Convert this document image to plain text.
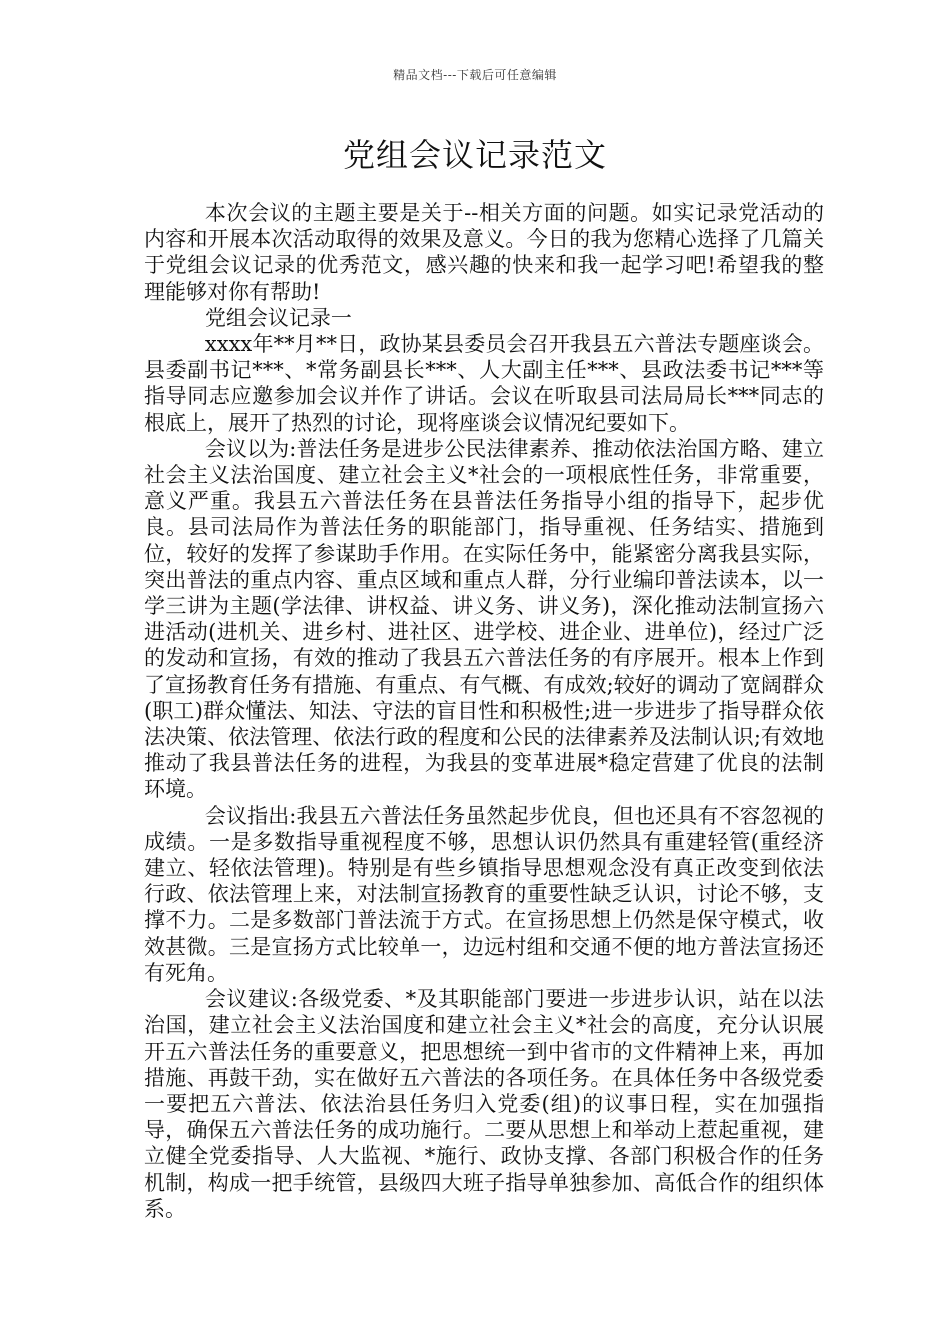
精品文档---下载后可任意编辑
党组会议记录范文

本次会议的主题主要是关于--相关方面的问题。如实记录党活动的内容和开展本次活动取得的效果及意义。今日的我为您精心选择了几篇关于党组会议记录的优秀范文，感兴趣的快来和我一起学习吧!希望我的整理能够对你有帮助!

党组会议记录一

xxxx年**月**日，政协某县委员会召开我县五六普法专题座谈会。县委副书记***、*常务副县长***、人大副主任***、县政法委书记***等指导同志应邀参加会议并作了讲话。会议在听取县司法局局长***同志的根底上，展开了热烈的讨论，现将座谈会议情况纪要如下。

会议以为:普法任务是进步公民法律素养、推动依法治国方略、建立社会主义法治国度、建立社会主义*社会的一项根底性任务，非常重要，意义严重。我县五六普法任务在县普法任务指导小组的指导下，起步优良。县司法局作为普法任务的职能部门，指导重视、任务结实、措施到位，较好的发挥了参谋助手作用。在实际任务中，能紧密分离我县实际，突出普法的重点内容、重点区域和重点人群，分行业编印普法读本，以一学三讲为主题(学法律、讲权益、讲义务、讲义务)，深化推动法制宣扬六进活动(进机关、进乡村、进社区、进学校、进企业、进单位)，经过广泛的发动和宣扬，有效的推动了我县五六普法任务的有序展开。根本上作到了宣扬教育任务有措施、有重点、有气概、有成效;较好的调动了宽阔群众(职工)群众懂法、知法、守法的盲目性和积极性;进一步进步了指导群众依法决策、依法管理、依法行政的程度和公民的法律素养及法制认识;有效地推动了我县普法任务的进程，为我县的变革进展*稳定营建了优良的法制环境。

会议指出:我县五六普法任务虽然起步优良，但也还具有不容忽视的成绩。一是多数指导重视程度不够，思想认识仍然具有重建轻管(重经济建立、轻依法管理)。特别是有些乡镇指导思想观念没有真正改变到依法行政、依法管理上来，对法制宣扬教育的重要性缺乏认识，讨论不够，支撑不力。二是多数部门普法流于方式。在宣扬思想上仍然是保守模式，收效甚微。三是宣扬方式比较单一，边远村组和交通不便的地方普法宣扬还有死角。

会议建议:各级党委、*及其职能部门要进一步进步认识，站在以法治国，建立社会主义法治国度和建立社会主义*社会的高度，充分认识展开五六普法任务的重要意义，把思想统一到中省市的文件精神上来，再加措施、再鼓干劲，实在做好五六普法的各项任务。在具体任务中各级党委一要把五六普法、依法治县任务归入党委(组)的议事日程，实在加强指导，确保五六普法任务的成功施行。二要从思想上和举动上惹起重视，建立健全党委指导、人大监视、*施行、政协支撑、各部门积极合作的任务机制，构成一把手统管，县级四大班子指导单独参加、高低合作的组织体系。
